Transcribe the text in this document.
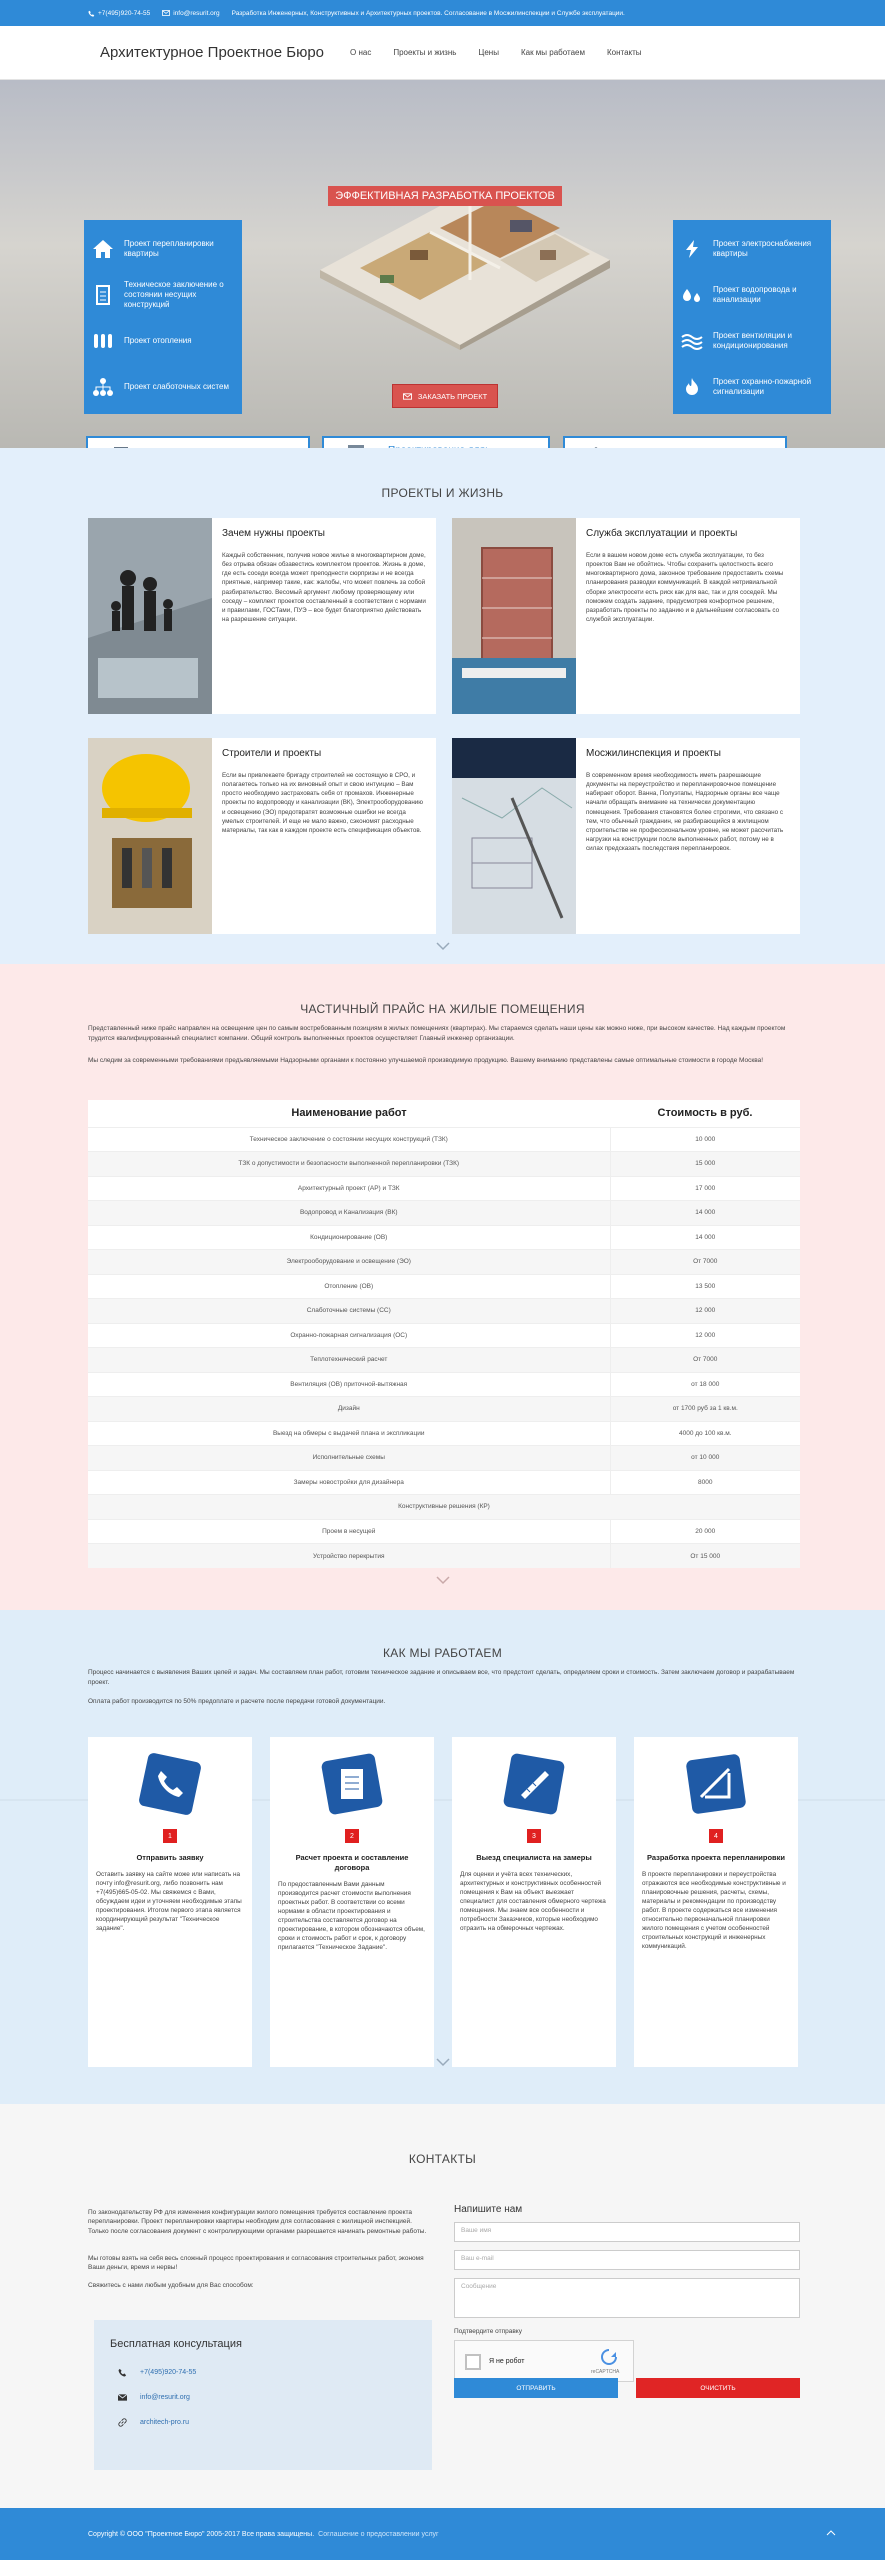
+7(495)920-74-55	info@resurit.org Разработка Инженерных, Конструктивных и Архитектурных проектов. Согласование в Мосжилинспекции и Службе эксплуатации.
Архитектурное Проектное Бюро	О нас	Проекты и жизнь	Цены	Как мы работаем	Контакты
ЭФФЕКТИВНАЯ РАЗРАБОТКА ПРОЕКТОВ
ЗАКАЗАТЬ ПРОЕКТ
Проект перепланировки квартиры
Техническое заключение о состоянии несущих конструкций
Проект отопления
Проект слаботочных систем
Проект электроснабжения квартиры
Проект водопровода и канализации
Проект вентиляции и кондиционирования
Проект охранно-пожарной сигнализации
ПРОЕКТЫ И ЖИЗНЬ
Зачем нужны проекты
Каждый собственник, получив новое жилье в многоквартирном доме, без отрыва обязан обзавестись комплектом проектов. Жизнь в доме, где есть соседи всегда может преподнести сюрпризы и не всегда приятные, например такие, как: жалобы, что может повлечь за собой разбирательство. Весомый аргумент любому проверяющему или соседу – комплект проектов составленный в соответствии с нормами и правилами, ГОСТами, ПУЭ – все будет благоприятно действовать на разрешение ситуации.
Служба эксплуатации и проекты
Если в вашем новом доме есть служба эксплуатации, то без проектов Вам не обойтись. Чтобы сохранить целостность всего многоквартирного дома, законное требование предоставить схемы планирования разводки коммуникаций. В каждой нетривиальной сборке электросети есть риск как для вас, так и для соседей. Мы поможем создать задание, предусмотрев конфортное решение, разработать проекты по заданию и в дальнейшем согласовать со службой эксплуатации.
Строители и проекты
Если вы привлекаете бригаду строителей не состоящую в СРО, и полагаетесь только на их виновный опыт и свою интуицию – Вам просто необходимо застраховать себя от промахов. Инженерные проекты по водопроводу и канализации (ВК), Электрооборудованию и освещению (ЭО) предотвратят возможные ошибки не всегда умелых строителей. И еще не мало важно, сэкономят расходные материалы, так как в каждом проекте есть спецификация объектов.
Мосжилинспекция и проекты
В современном время необходимость иметь разрешающие документы на переустройство и перепланировочное помещение набирает оборот. Ванна, Полуэтапы, Надзорные органы все чаще начали обращать внимание на технически документацию помещения. Требования становятся более строгими, что связано с тем, что обычный гражданин, не разбирающийся в жилищном строительстве не профессиональном уровне, не может рассчитать нагрузки на конструкции после выполненных работ, потому не в силах предсказать последствия перепланировок.
ЧАСТИЧНЫЙ ПРАЙС НА ЖИЛЫЕ ПОМЕЩЕНИЯ
Представленный ниже прайс направлен на освещение цен по самым востребованным позициям в жилых помещениях (квартирах). Мы стараемся сделать наши цены как можно ниже, при высоком качестве. Над каждым проектом трудится квалифицированный специалист компании. Общий контроль выполненных проектов осуществляет Главный инженер организации.
Мы следим за современными требованиями предъявляемыми Надзорными органами к постоянно улучшаемой производимую продукцию. Вашему вниманию представлены самые оптимальные стоимости в городе Москва!
Наименование работ	Стоимость в руб.
Техническое заключение о состоянии несущих конструкций (ТЗК)	10 000
ТЗК о допустимости и безопасности выполненной перепланировки (ТЗК)	15 000
Архитектурный проект (АР) и ТЗК	17 000
Водопровод и Канализация (ВК)	14 000
Кондиционирование (ОВ)	14 000
Электрооборудование и освещение (ЭО)	От 7000
Отопление (ОВ)	13 500
Слаботочные системы (СС)	12 000
Охранно-пожарная сигнализация (ОС)	12 000
Теплотехнический расчет	От 7000
Вентиляция (ОВ) приточной-вытяжная	от 18 000
Дизайн	от 1700 руб за 1 кв.м.
Выезд на обмеры с выдачей плана и экспликации	4000 до 100 кв.м.
Исполнительные схемы	от 10 000
Замеры новостройки для дизайнера	8000
Конструктивные решения (КР)	
Проем в несущей	20 000
Устройство перекрытия	От 15 000
КАК МЫ РАБОТАЕМ
Процесс начинается с выявления Ваших целей и задач. Мы составляем план работ, готовим техническое задание и описываем все, что предстоит сделать, определяем сроки и стоимость. Затем заключаем договор и разрабатываем проект.
Оплата работ производится по 50% предоплате и расчете после передачи готовой документации.
1
Отправить заявку
Оставить заявку на сайте може или написать на почту info@resurit.org, либо позвонить нам +7(495)665-05-02. Мы свяжемся с Вами, обсуждаем идеи и уточняем необходимые этапы проектирования. Итогом первого этапа является координирующий результат "Техническое задание".
2
Расчет проекта и составление договора
По предоставленным Вами данным производится расчет стоимости выполнения проектных работ. В соответствии со всеми нормами в области проектирования и строительства составляется договор на проектирование, в котором обозначаются объем, сроки и стоимость работ и срок, к договору прилагается "Техническое Задание".
3
Выезд специалиста на замеры
Для оценки и учёта всех технических, архитектурных и конструктивных особенностей помещения к Вам на объект выезжает специалист для составления обмерного чертежа помещения. Мы знаем все особенности и потребности Заказчиков, которые необходимо отразить на обмерочных чертежах.
4
Разработка проекта перепланировки
В проекте перепланировки и переустройства отражаются все необходимые конструктивные и планировочные решения, расчеты, схемы, материалы и рекомендации по производству работ. В проекте содержаться все изменения относительно первоначальной планировки жилого помещения с учетом особенностей строительных конструкций и инженерных коммуникаций.
КОНТАКТЫ
По законодательству РФ для изменения конфигурации жилого помещения требуется составление проекта перепланировки. Проект перепланировки квартиры необходим для согласования с жилищной инспекцией. Только после согласования документ с контролирующими органами разрешается начинать ремонтные работы.
Мы готовы взять на себя весь сложный процесс проектирования и согласования строительных работ, экономя Ваши деньги, время и нервы!
Свяжитесь с нами любым удобным для Вас способом:
Бесплатная консультация
+7(495)920-74-55
info@resurit.org
architech-pro.ru
Напишите нам
Ваше имя
Ваш e-mail
Сообщение
Подтвердите отправку
Я не робот
reCAPTCHA
ОТПРАВИТЬ	ОЧИСТИТЬ
Copyright © ООО "Проектное Бюро" 2005-2017 Все права защищены. Соглашение о предоставлении услуг
